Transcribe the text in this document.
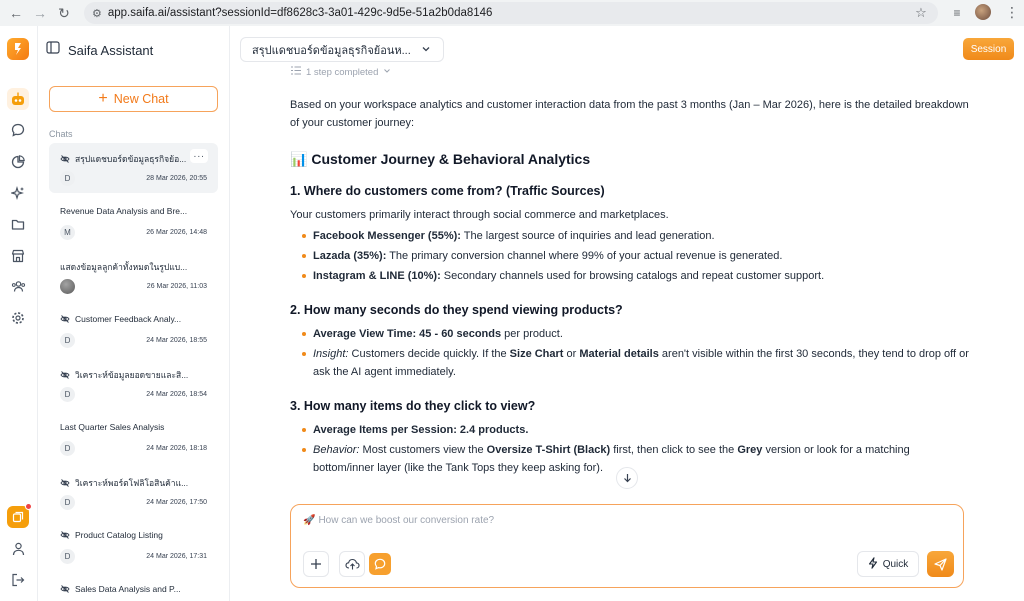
← → ↻	⚙ app.saifa.ai/assistant?sessionId=df8628c3-3a01-429c-9d5e-51a2b0da8146	☆	≡	⋮
Saifa Assistant
+ New Chat
Chats
สรุปแดชบอร์ดข้อมูลธุรกิจย้อ...
D	28 Mar 2026, 20:55
···
Revenue Data Analysis and Bre...
M	26 Mar 2026, 14:48
แสดงข้อมูลลูกค้าทั้งหมดในรูปแบ...
26 Mar 2026, 11:03
Customer Feedback Analy...
D	24 Mar 2026, 18:55
วิเคราะห์ข้อมูลยอดขายและสิ...
D	24 Mar 2026, 18:54
Last Quarter Sales Analysis
D	24 Mar 2026, 18:18
วิเคราะห์พอร์ตโฟลิโอสินค้าแ...
D	24 Mar 2026, 17:50
Product Catalog Listing
D	24 Mar 2026, 17:31
Sales Data Analysis and P...
สรุปแดชบอร์ดข้อมูลธุรกิจย้อนห...	Session
1 step completed

Based on your workspace analytics and customer interaction data from the past 3 months (Jan – Mar 2026), here is the detailed breakdown of your customer journey:

📊 Customer Journey & Behavioral Analytics
1. Where do customers come from? (Traffic Sources)

Your customers primarily interact through social commerce and marketplaces.

Facebook Messenger (55%): The largest source of inquiries and lead generation.
Lazada (35%): The primary conversion channel where 99% of your actual revenue is generated.
Instagram & LINE (10%): Secondary channels used for browsing catalogs and repeat customer support.
2. How many seconds do they spend viewing products?
Average View Time: 45 - 60 seconds per product.
Insight: Customers decide quickly. If the Size Chart or Material details aren't visible within the first 30 seconds, they tend to drop off or ask the AI agent immediately.
3. How many items do they click to view?
Average Items per Session: 2.4 products.
Behavior: Most customers view the Oversize T-Shirt (Black) first, then click to see the Grey version or look for a matching bottom/inner layer (like the Tank Tops they keep asking for).
🚀 How can we boost our conversion rate?
Quick
